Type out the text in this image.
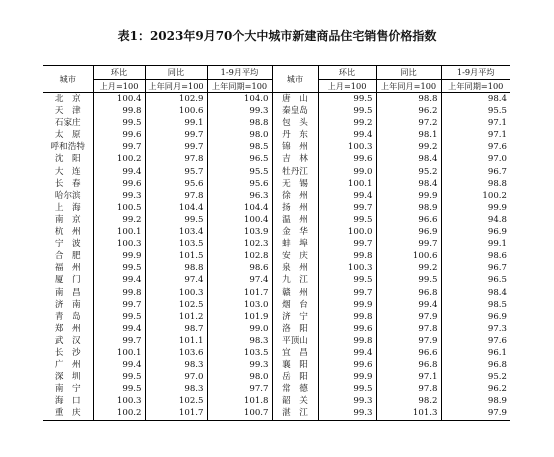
表1：2023年9月70个大中城市新建商品住宅销售价格指数
城市	环比	同比	1-9月平均	城市	环比	同比	1-9月平均
	上月=100	上年同月=100	上年同期=100		上月=100	上年同月=100	上年同期=100
北　京	100.4	102.9	104.0	唐　山	99.5	98.8	98.4
天　津	99.8	100.6	99.3	秦皇岛	99.5	96.2	95.5
石家庄	99.5	99.1	98.8	包　头	99.2	97.2	97.1
太　原	99.6	99.7	98.0	丹　东	99.4	98.1	97.1
呼和浩特	99.7	99.7	98.5	锦　州	100.3	99.2	97.6
沈　阳	100.2	97.8	96.5	吉　林	99.6	98.4	97.0
大　连	99.4	95.7	95.5	牡丹江	99.0	95.2	96.7
长　春	99.6	95.6	95.6	无　锡	100.1	98.4	98.8
哈尔滨	99.3	97.8	96.3	徐　州	99.4	99.9	100.2
上　海	100.5	104.4	104.4	扬　州	99.7	98.9	99.9
南　京	99.2	99.5	100.4	温　州	99.5	96.6	94.8
杭　州	100.1	103.4	103.9	金　华	100.0	96.9	96.9
宁　波	100.3	103.5	102.3	蚌　埠	99.7	99.7	99.1
合　肥	99.9	101.5	102.8	安　庆	99.8	100.6	98.6
福　州	99.5	98.8	98.6	泉　州	100.3	99.2	96.7
厦　门	99.4	97.4	97.4	九　江	99.5	99.5	96.5
南　昌	99.8	100.3	101.7	赣　州	99.7	96.8	98.4
济　南	99.7	102.5	103.0	烟　台	99.9	99.4	98.5
青　岛	99.5	101.2	101.9	济　宁	99.8	97.9	96.9
郑　州	99.4	98.7	99.0	洛　阳	99.6	97.8	97.3
武　汉	99.7	101.1	98.3	平顶山	99.8	97.9	97.6
长　沙	100.1	103.6	103.5	宜　昌	99.4	96.6	96.1
广　州	99.4	98.3	99.3	襄　阳	99.6	96.8	96.8
深　圳	99.5	97.0	98.0	岳　阳	99.9	97.1	95.2
南　宁	99.5	98.3	97.7	常　德	99.5	97.8	96.2
海　口	100.3	102.5	101.8	韶　关	99.3	98.2	98.9
重　庆	100.2	101.7	100.7	湛　江	99.3	101.3	97.9
